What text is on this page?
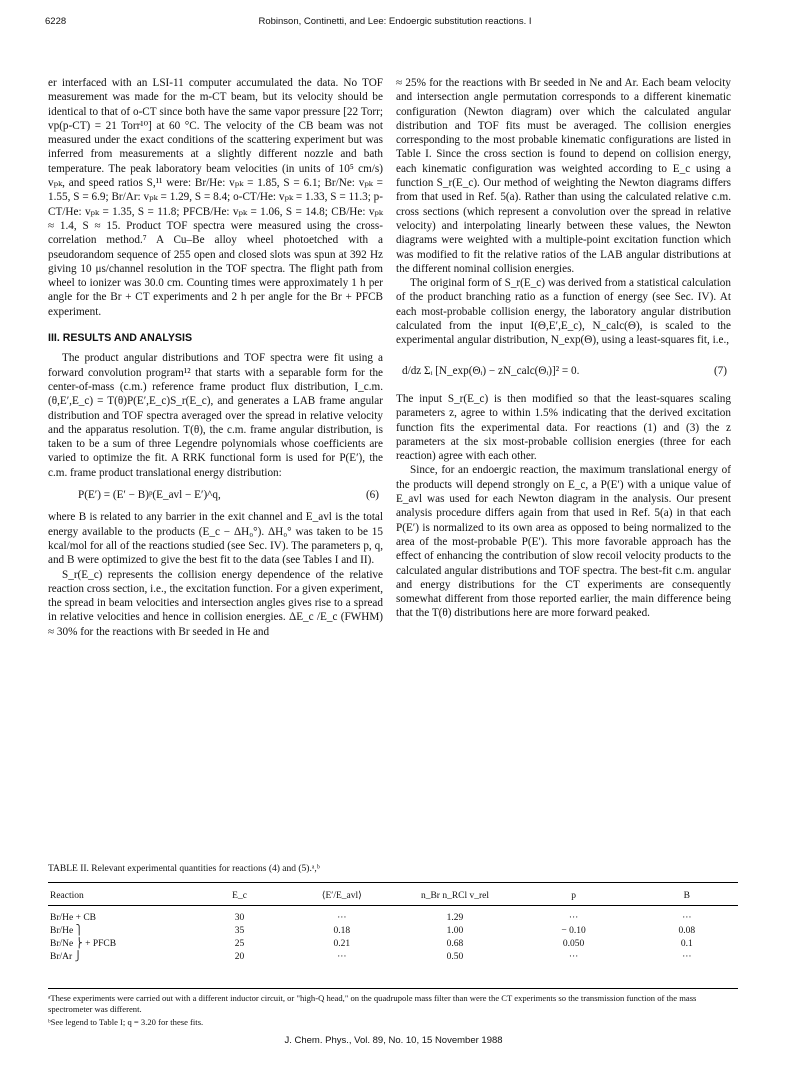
6228	Robinson, Continetti, and Lee: Endoergic substitution reactions. I

er interfaced with an LSI-11 computer accumulated the data. No TOF measurement was made for the m-CT beam, but its velocity should be identical to that of o-CT since both have the same vapor pressure [22 Torr; vp(p-CT) = 21 Torr¹⁰] at 60 °C. The velocity of the CB beam was not measured under the exact conditions of the scattering experiment but was inferred from measurements at a slightly different nozzle and bath temperature. The peak laboratory beam velocities (in units of 10⁵ cm/s) vₚₖ, and speed ratios S,¹¹ were: Br/He: vₚₖ = 1.85, S = 6.1; Br/Ne: vₚₖ = 1.55, S = 6.9; Br/Ar: vₚₖ = 1.29, S = 8.4; o-CT/He: vₚₖ = 1.33, S = 11.3; p-CT/He: vₚₖ = 1.35, S = 11.8; PFCB/He: vₚₖ = 1.06, S = 14.8; CB/He: vₚₖ ≈ 1.4, S ≈ 15. Product TOF spectra were measured using the cross-correlation method.⁷ A Cu–Be alloy wheel photoetched with a pseudorandom sequence of 255 open and closed slots was spun at 392 Hz giving 10 μs/channel resolution in the TOF spectra. The flight path from wheel to ionizer was 30.0 cm. Counting times were approximately 1 h per angle for the Br + CT experiments and 2 h per angle for the Br + PFCB experiment.

III. RESULTS AND ANALYSIS

The product angular distributions and TOF spectra were fit using a forward convolution program¹² that starts with a separable form for the center-of-mass (c.m.) reference frame product flux distribution, I_c.m.(θ,E′,E_c) = T(θ)P(E′,E_c)S_r(E_c), and generates a LAB frame angular distribution and TOF spectra averaged over the spread in relative velocity and the apparatus resolution. T(θ), the c.m. frame angular distribution, is taken to be a sum of three Legendre polynomials whose coefficients are varied to optimize the fit. A RRK functional form is used for P(E′), the c.m. frame product translational energy distribution:

P(E′) = (E′ − B)ᵖ(E_avl − E′)^q,	(6)

where B is related to any barrier in the exit channel and E_avl is the total energy available to the products (E_c − ΔH₀°). ΔH₀° was taken to be 15 kcal/mol for all of the reactions studied (see Sec. IV). The parameters p, q, and B were optimized to give the best fit to the data (see Tables I and II).

S_r(E_c) represents the collision energy dependence of the relative reaction cross section, i.e., the excitation function. For a given experiment, the spread in beam velocities and intersection angles gives rise to a spread in relative velocities and hence in collision energies. ΔE_c /E_c (FWHM) ≈ 30% for the reactions with Br seeded in He and

≈ 25% for the reactions with Br seeded in Ne and Ar. Each beam velocity and intersection angle permutation corresponds to a different kinematic configuration (Newton diagram) over which the calculated angular distribution and TOF fits must be averaged. The collision energies corresponding to the most probable kinematic configurations are listed in Table I. Since the cross section is found to depend on collision energy, each kinematic configuration was weighted according to E_c using a function S_r(E_c). Our method of weighting the Newton diagrams differs from that used in Ref. 5(a). Rather than using the calculated relative c.m. cross sections (which represent a convolution over the spread in relative velocity) and interpolating linearly between these values, the Newton diagrams were weighted with a multiple-point excitation function which was modified to fit the relative ratios of the LAB angular distributions at the different nominal collision energies.

The original form of S_r(E_c) was derived from a statistical calculation of the product branching ratio as a function of energy (see Sec. IV). At each most-probable collision energy, the laboratory angular distribution calculated from the input I(Θ,E′,E_c), N_calc(Θ), is scaled to the experimental angular distribution, N_exp(Θ), using a least-squares fit, i.e.,

d/dz Σᵢ [N_exp(Θᵢ) − zN_calc(Θᵢ)]² = 0.	(7)

The input S_r(E_c) is then modified so that the least-squares scaling parameters z, agree to within 1.5% indicating that the derived excitation function fits the experimental data. For reactions (1) and (3) the z parameters at the six most-probable collision energies (three for each reaction) agree with each other.

Since, for an endoergic reaction, the maximum translational energy of the products will depend strongly on E_c, a P(E′) with a unique value of E_avl was used for each Newton diagram in the analysis. Our present analysis procedure differs again from that used in Ref. 5(a) in that each P(E′) is normalized to its own area as opposed to being normalized to the area of the most-probable P(E′). This more favorable approach has the effect of enhancing the contribution of slow recoil velocity products to the calculated angular distributions and TOF spectra. The best-fit c.m. angular and energy distributions for the CT experiments are consequently somewhat different from those reported earlier, the main difference being that the T(θ) distributions here are more forward peaked.

TABLE II. Relevant experimental quantities for reactions (4) and (5).ᵃ,ᵇ
Reaction	E_c	⟨E′/E_avl⟩	n_Br n_RCl v_rel	p	B
Br/He + CB	30	···	1.29	···	···
Br/He ⎫	35	0.18	1.00	− 0.10	0.08
Br/Ne ⎬ + PFCB	25	0.21	0.68	0.050	0.1
Br/Ar ⎭	20	···	0.50	···	···
ᵃThese experiments were carried out with a different inductor circuit, or "high-Q head," on the quadrupole mass filter than were the CT experiments so the transmission function of the mass spectrometer was different.
ᵇSee legend to Table I; q = 3.20 for these fits.
J. Chem. Phys., Vol. 89, No. 10, 15 November 1988
